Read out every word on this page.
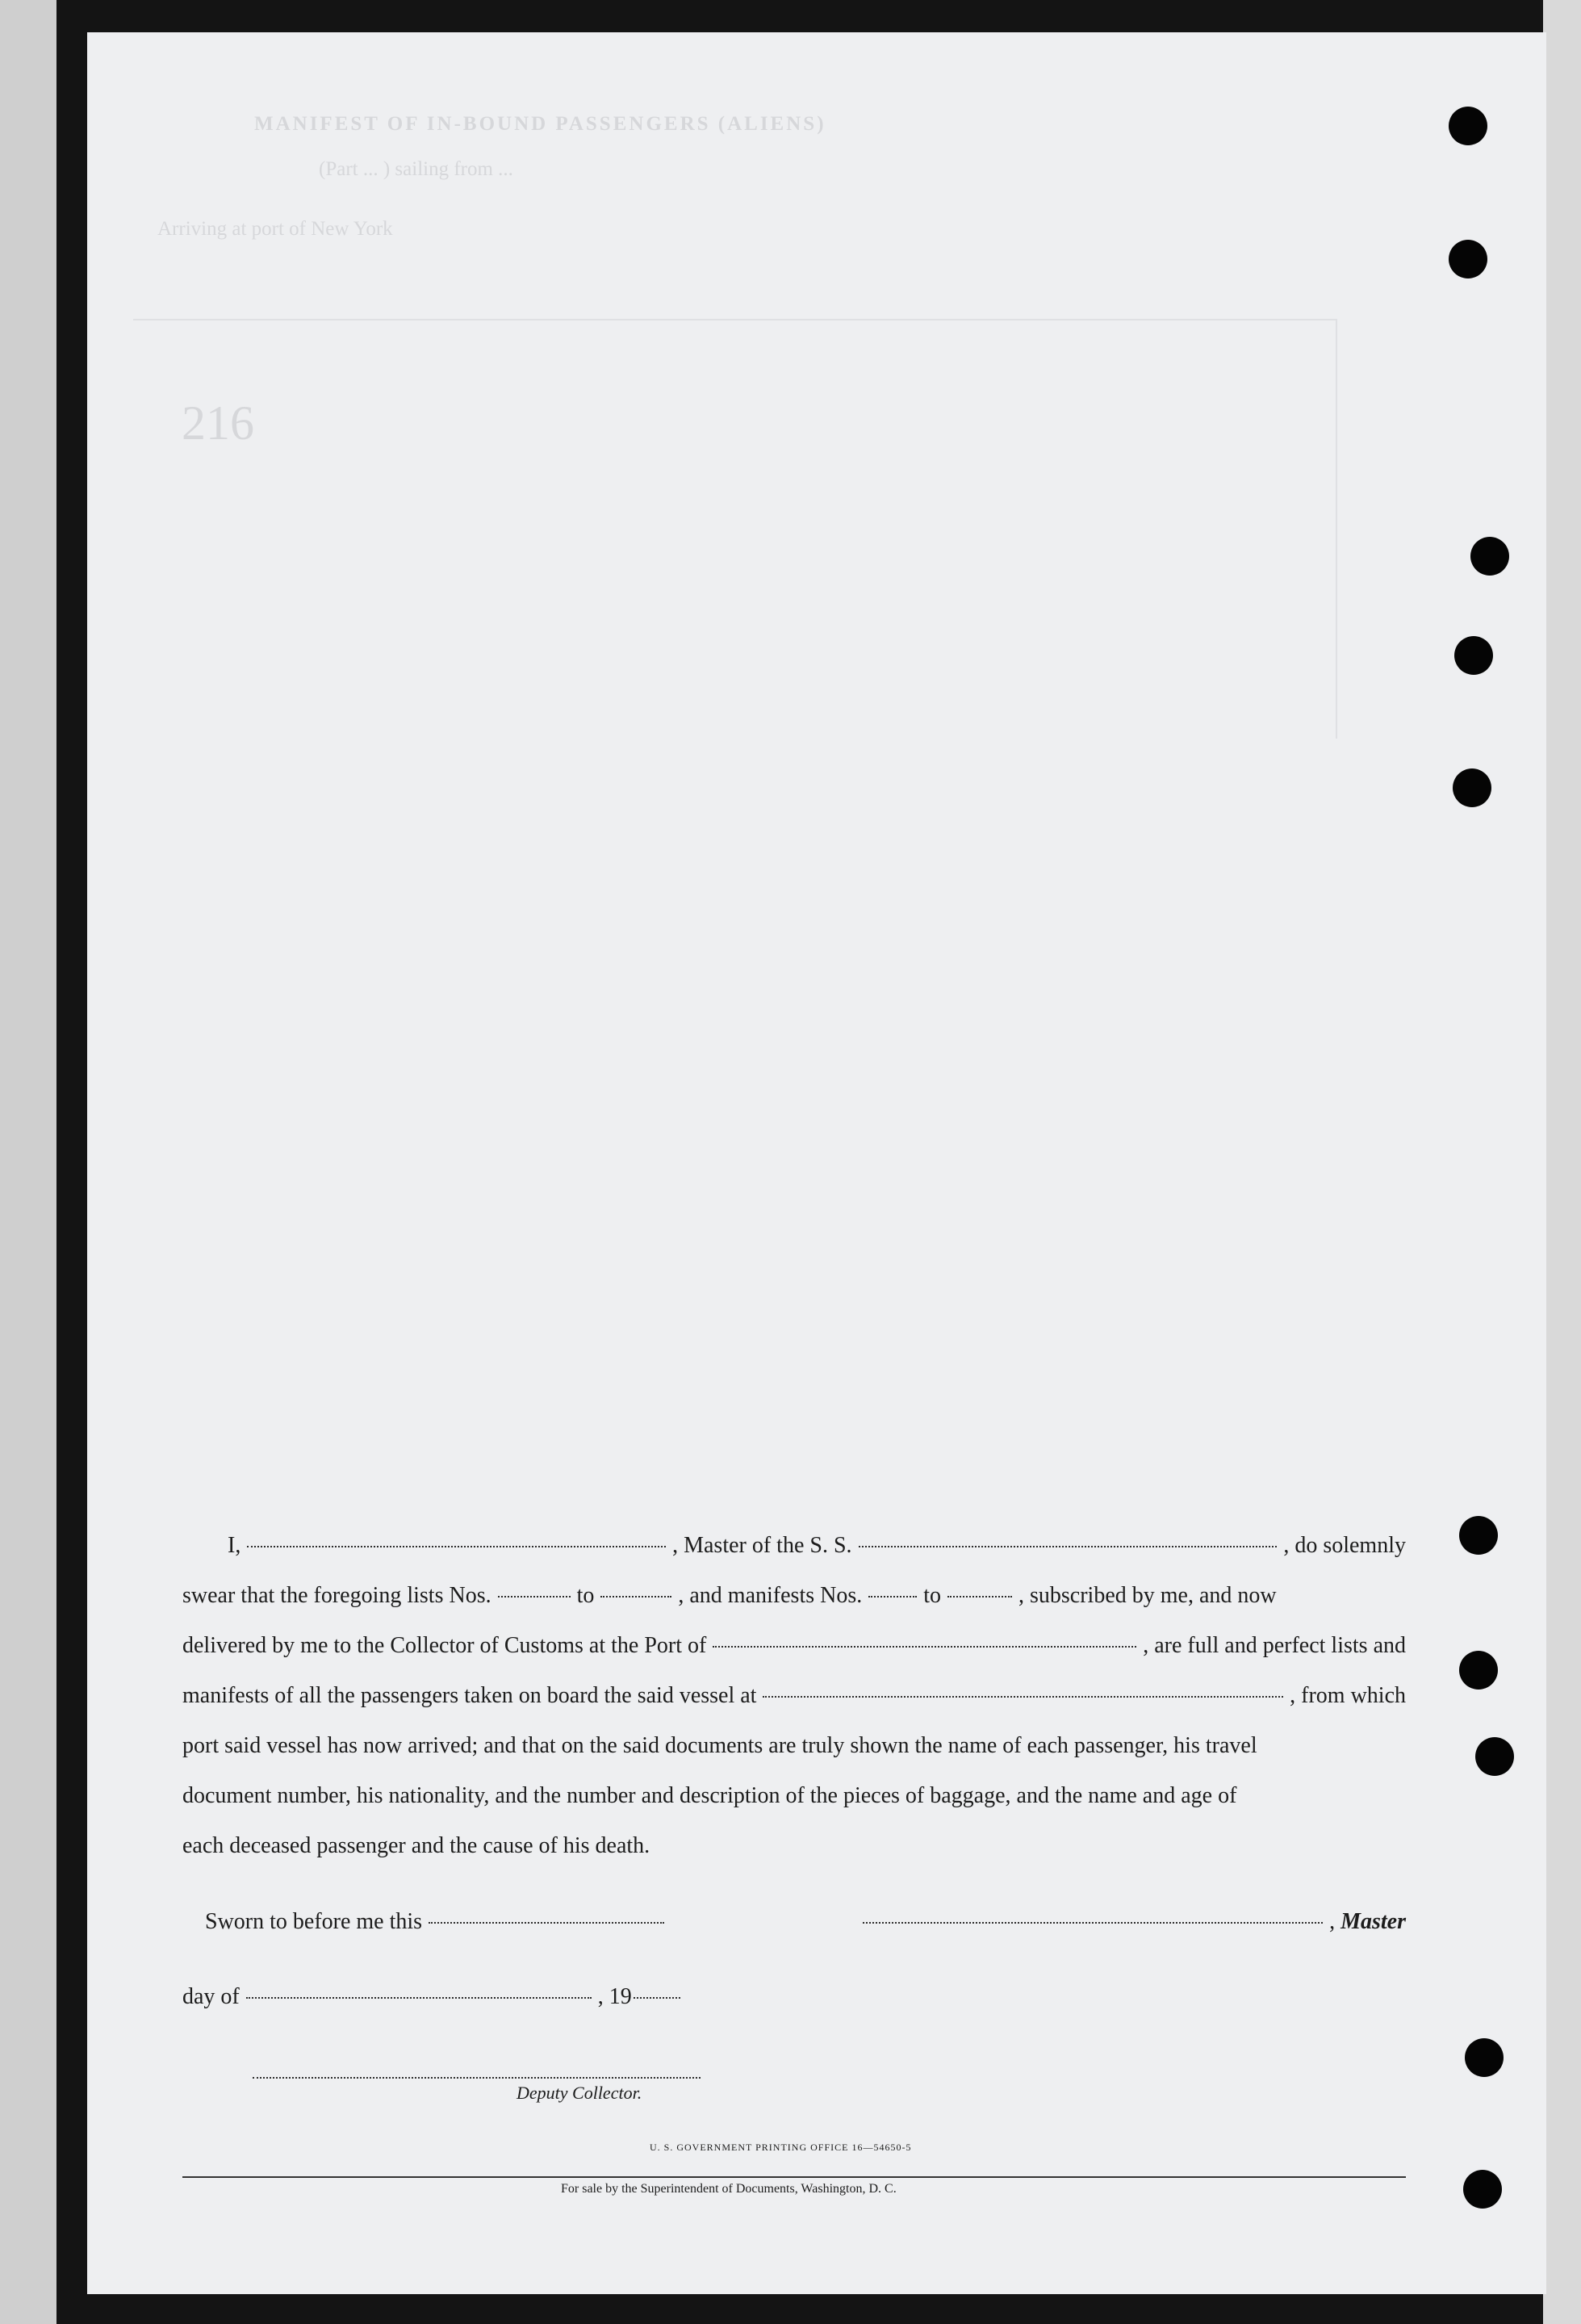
MANIFEST OF IN-BOUND PASSENGERS (ALIENS)
(Part ... ) sailing from ...
Arriving at port of New York
216
I,	, Master of the S. S.	, do solemnly
swear that the foregoing lists Nos.	to	, and manifests Nos.	to	, subscribed by me, and now
delivered by me to the Collector of Customs at the Port of	, are full and perfect lists and
manifests of all the passengers taken on board the said vessel at	, from which
port said vessel has now arrived; and that on the said documents are truly shown the name of each passenger, his travel
document number, his nationality, and the number and description of the pieces of baggage, and the name and age of
each deceased passenger and the cause of his death.
Sworn to before me this	, Master
day of	, 19
Deputy Collector.
U. S. GOVERNMENT PRINTING OFFICE 16—54650-5
For sale by the Superintendent of Documents, Washington, D. C.
